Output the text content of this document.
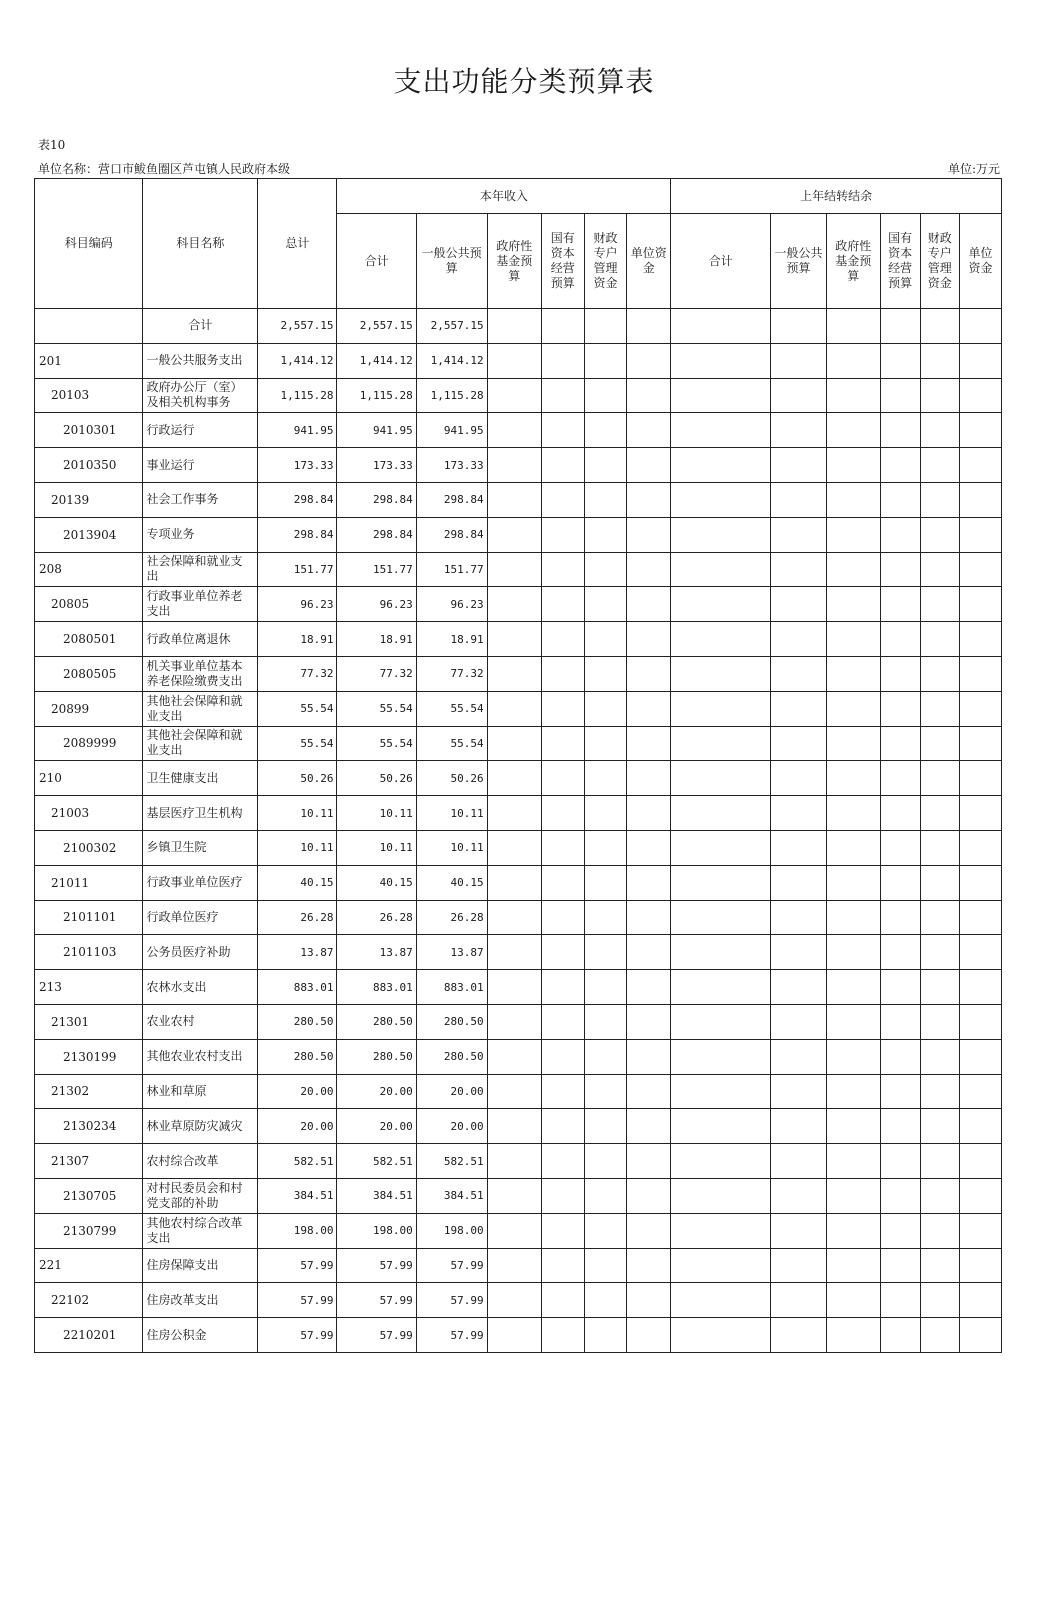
支出功能分类预算表
表10
单位名称：营口市鲅鱼圈区芦屯镇人民政府本级	单位:万元
科目编码	科目名称	总计	本年收入						上年结转结余					
			合计	一般公共预算	政府性基金预算	国有资本经营预算	财政专户管理资金	单位资金	合计	一般公共预算	政府性基金预算	国有资本经营预算	财政专户管理资金	单位资金
	合计	2,557.15	2,557.15	2,557.15										
201	一般公共服务支出	1,414.12	1,414.12	1,414.12										
20103	政府办公厅（室）及相关机构事务	1,115.28	1,115.28	1,115.28										
2010301	行政运行	941.95	941.95	941.95										
2010350	事业运行	173.33	173.33	173.33										
20139	社会工作事务	298.84	298.84	298.84										
2013904	专项业务	298.84	298.84	298.84										
208	社会保障和就业支出	151.77	151.77	151.77										
20805	行政事业单位养老支出	96.23	96.23	96.23										
2080501	行政单位离退休	18.91	18.91	18.91										
2080505	机关事业单位基本养老保险缴费支出	77.32	77.32	77.32										
20899	其他社会保障和就业支出	55.54	55.54	55.54										
2089999	其他社会保障和就业支出	55.54	55.54	55.54										
210	卫生健康支出	50.26	50.26	50.26										
21003	基层医疗卫生机构	10.11	10.11	10.11										
2100302	乡镇卫生院	10.11	10.11	10.11										
21011	行政事业单位医疗	40.15	40.15	40.15										
2101101	行政单位医疗	26.28	26.28	26.28										
2101103	公务员医疗补助	13.87	13.87	13.87										
213	农林水支出	883.01	883.01	883.01										
21301	农业农村	280.50	280.50	280.50										
2130199	其他农业农村支出	280.50	280.50	280.50										
21302	林业和草原	20.00	20.00	20.00										
2130234	林业草原防灾减灾	20.00	20.00	20.00										
21307	农村综合改革	582.51	582.51	582.51										
2130705	对村民委员会和村党支部的补助	384.51	384.51	384.51										
2130799	其他农村综合改革支出	198.00	198.00	198.00										
221	住房保障支出	57.99	57.99	57.99										
22102	住房改革支出	57.99	57.99	57.99										
2210201	住房公积金	57.99	57.99	57.99										
